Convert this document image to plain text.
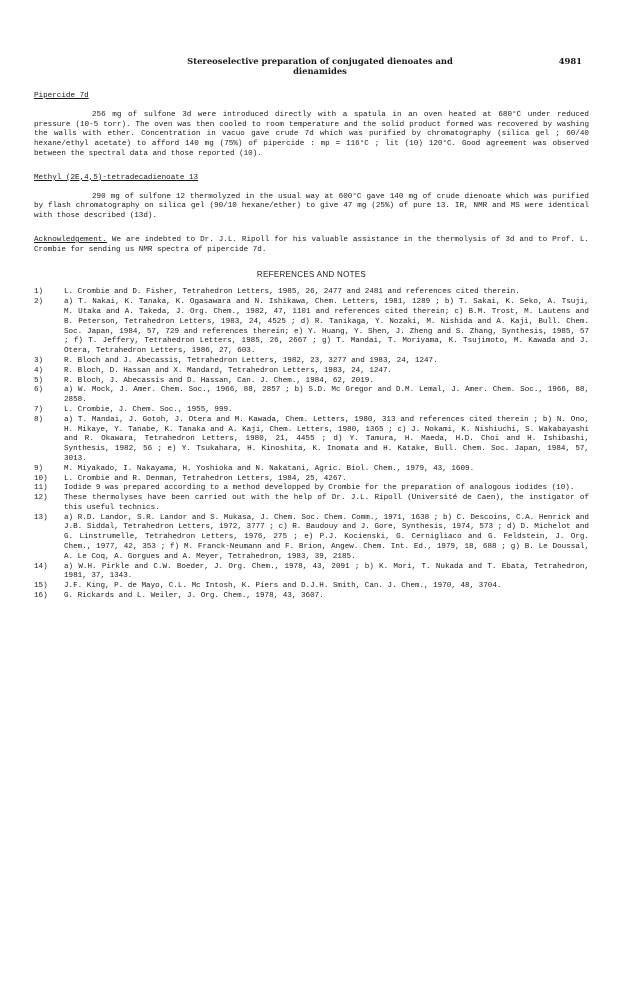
Stereoselective preparation of conjugated dienoates and dienamides
4981

Pipercide 7d

256 mg of sulfone 3d were introduced directly with a spatula in an oven heated at 680°C under reduced pressure (10-5 torr). The oven was then cooled to room temperature and the solid product formed was recovered by washing the walls with ether. Concentration in vacuo gave crude 7d which was purified by chromatography (silica gel ; 60/40 hexane/ethyl acetate) to afford 140 mg (75%) of pipercide : mp = 116°C ; lit (10) 120°C. Good agreement was observed between the spectral data and those reported (10).

Methyl (2E,4,5)-tetradecadienoate 13

290 mg of sulfone 12 thermolyzed in the usual way at 600°C gave 140 mg of crude dienoate which was purified by flash chromatography on silica gel (90/10 hexane/ether) to give 47 mg (25%) of pure 13. IR, NMR and MS were identical with those described (13d).

Acknowledgement. We are indebted to Dr. J.L. Ripoll for his valuable assistance in the thermolysis of 3d and to Prof. L. Crombie for sending us NMR spectra of pipercide 7d.

REFERENCES AND NOTES

1)	L. Crombie and D. Fisher, Tetrahedron Letters, 1985, 26, 2477 and 2481 and references cited therein.
2)	a) T. Nakai, K. Tanaka, K. Ogasawara and N. Ishikawa, Chem. Letters, 1981, 1289 ; b) T. Sakai, K. Seko, A. Tsuji, M. Utaka and A. Takeda, J. Org. Chem., 1982, 47, 1101 and references cited therein; c) B.M. Trost, M. Lautens and B. Peterson, Tetrahedron Letters, 1983, 24, 4525 ; d) R. Tanikaga, Y. Nozaki, M. Nishida and A. Kaji, Bull. Chem. Soc. Japan, 1984, 57, 729 and references therein; e) Y. Huang, Y. Shen, J. Zheng and S. Zhang, Synthesis, 1985, 57 ; f) T. Jeffery, Tetrahedron Letters, 1985, 26, 2667 ; g) T. Mandai, T. Moriyama, K. Tsujimoto, M. Kawada and J. Otera, Tetrahedron Letters, 1986, 27, 603.
3)	R. Bloch and J. Abecassis, Tetrahedron Letters, 1982, 23, 3277 and 1983, 24, 1247.
4)	R. Bloch, D. Hassan and X. Mandard, Tetrahedron Letters, 1983, 24, 1247.
5)	R. Bloch, J. Abecassis and D. Hassan, Can. J. Chem., 1984, 62, 2019.
6)	a) W. Mock, J. Amer. Chem. Soc., 1966, 88, 2857 ; b) S.D. Mc Gregor and D.M. Lemal, J. Amer. Chem. Soc., 1966, 88, 2858.
7)	L. Crombie, J. Chem. Soc., 1955, 999.
8)	a) T. Mandai, J. Gotoh, J. Otera and M. Kawada, Chem. Letters, 1980, 313 and references cited therein ; b) N. Ono, H. Mikaye, Y. Tanabe, K. Tanaka and A. Kaji, Chem. Letters, 1980, 1365 ; c) J. Nokami, K. Nishiuchi, S. Wakabayashi and R. Okawara, Tetrahedron Letters, 1980, 21, 4455 ; d) Y. Tamura, H. Maeda, H.D. Choi and H. Ishibashi, Synthesis, 1982, 56 ; e) Y. Tsukahara, H. Kinoshita, K. Inomata and H. Katake, Bull. Chem. Soc. Japan, 1984, 57, 3013.
9)	M. Miyakado, I. Nakayama, H. Yoshioka and N. Nakatani, Agric. Biol. Chem., 1979, 43, 1609.
10)	L. Crombie and R. Denman, Tetrahedron Letters, 1984, 25, 4267.
11)	Iodide 9 was prepared according to a method developped by Crombie for the preparation of analogous iodides (10).
12)	These thermolyses have been carried out with the help of Dr. J.L. Ripoll (Université de Caen), the instigator of this useful technics.
13)	a) R.D. Landor, S.R. Landor and S. Mukasa, J. Chem. Soc. Chem. Comm., 1971, 1638 ; b) C. Descoins, C.A. Henrick and J.B. Siddal, Tetrahedron Letters, 1972, 3777 ; c) R. Baudouy and J. Gore, Synthesis, 1974, 573 ; d) D. Michelot and G. Linstrumelle, Tetrahedron Letters, 1976, 275 ; e) P.J. Kocienski, G. Cernigliaco and G. Feldstein, J. Org. Chem., 1977, 42, 353 ; f) M. Franck-Neumann and F. Brion, Angew. Chem. Int. Ed., 1979, 18, 688 ; g) B. Le Doussal, A. Le Coq, A. Gorgues and A. Meyer, Tetrahedron, 1983, 39, 2185.
14)	a) W.H. Pirkle and C.W. Boeder, J. Org. Chem., 1978, 43, 2091 ; b) K. Mori, T. Nukada and T. Ebata, Tetrahedron, 1981, 37, 1343.
15)	J.F. King, P. de Mayo, C.L. Mc Intosh, K. Piers and D.J.H. Smith, Can. J. Chem., 1970, 48, 3704.
16)	G. Rickards and L. Weiler, J. Org. Chem., 1978, 43, 3607.
